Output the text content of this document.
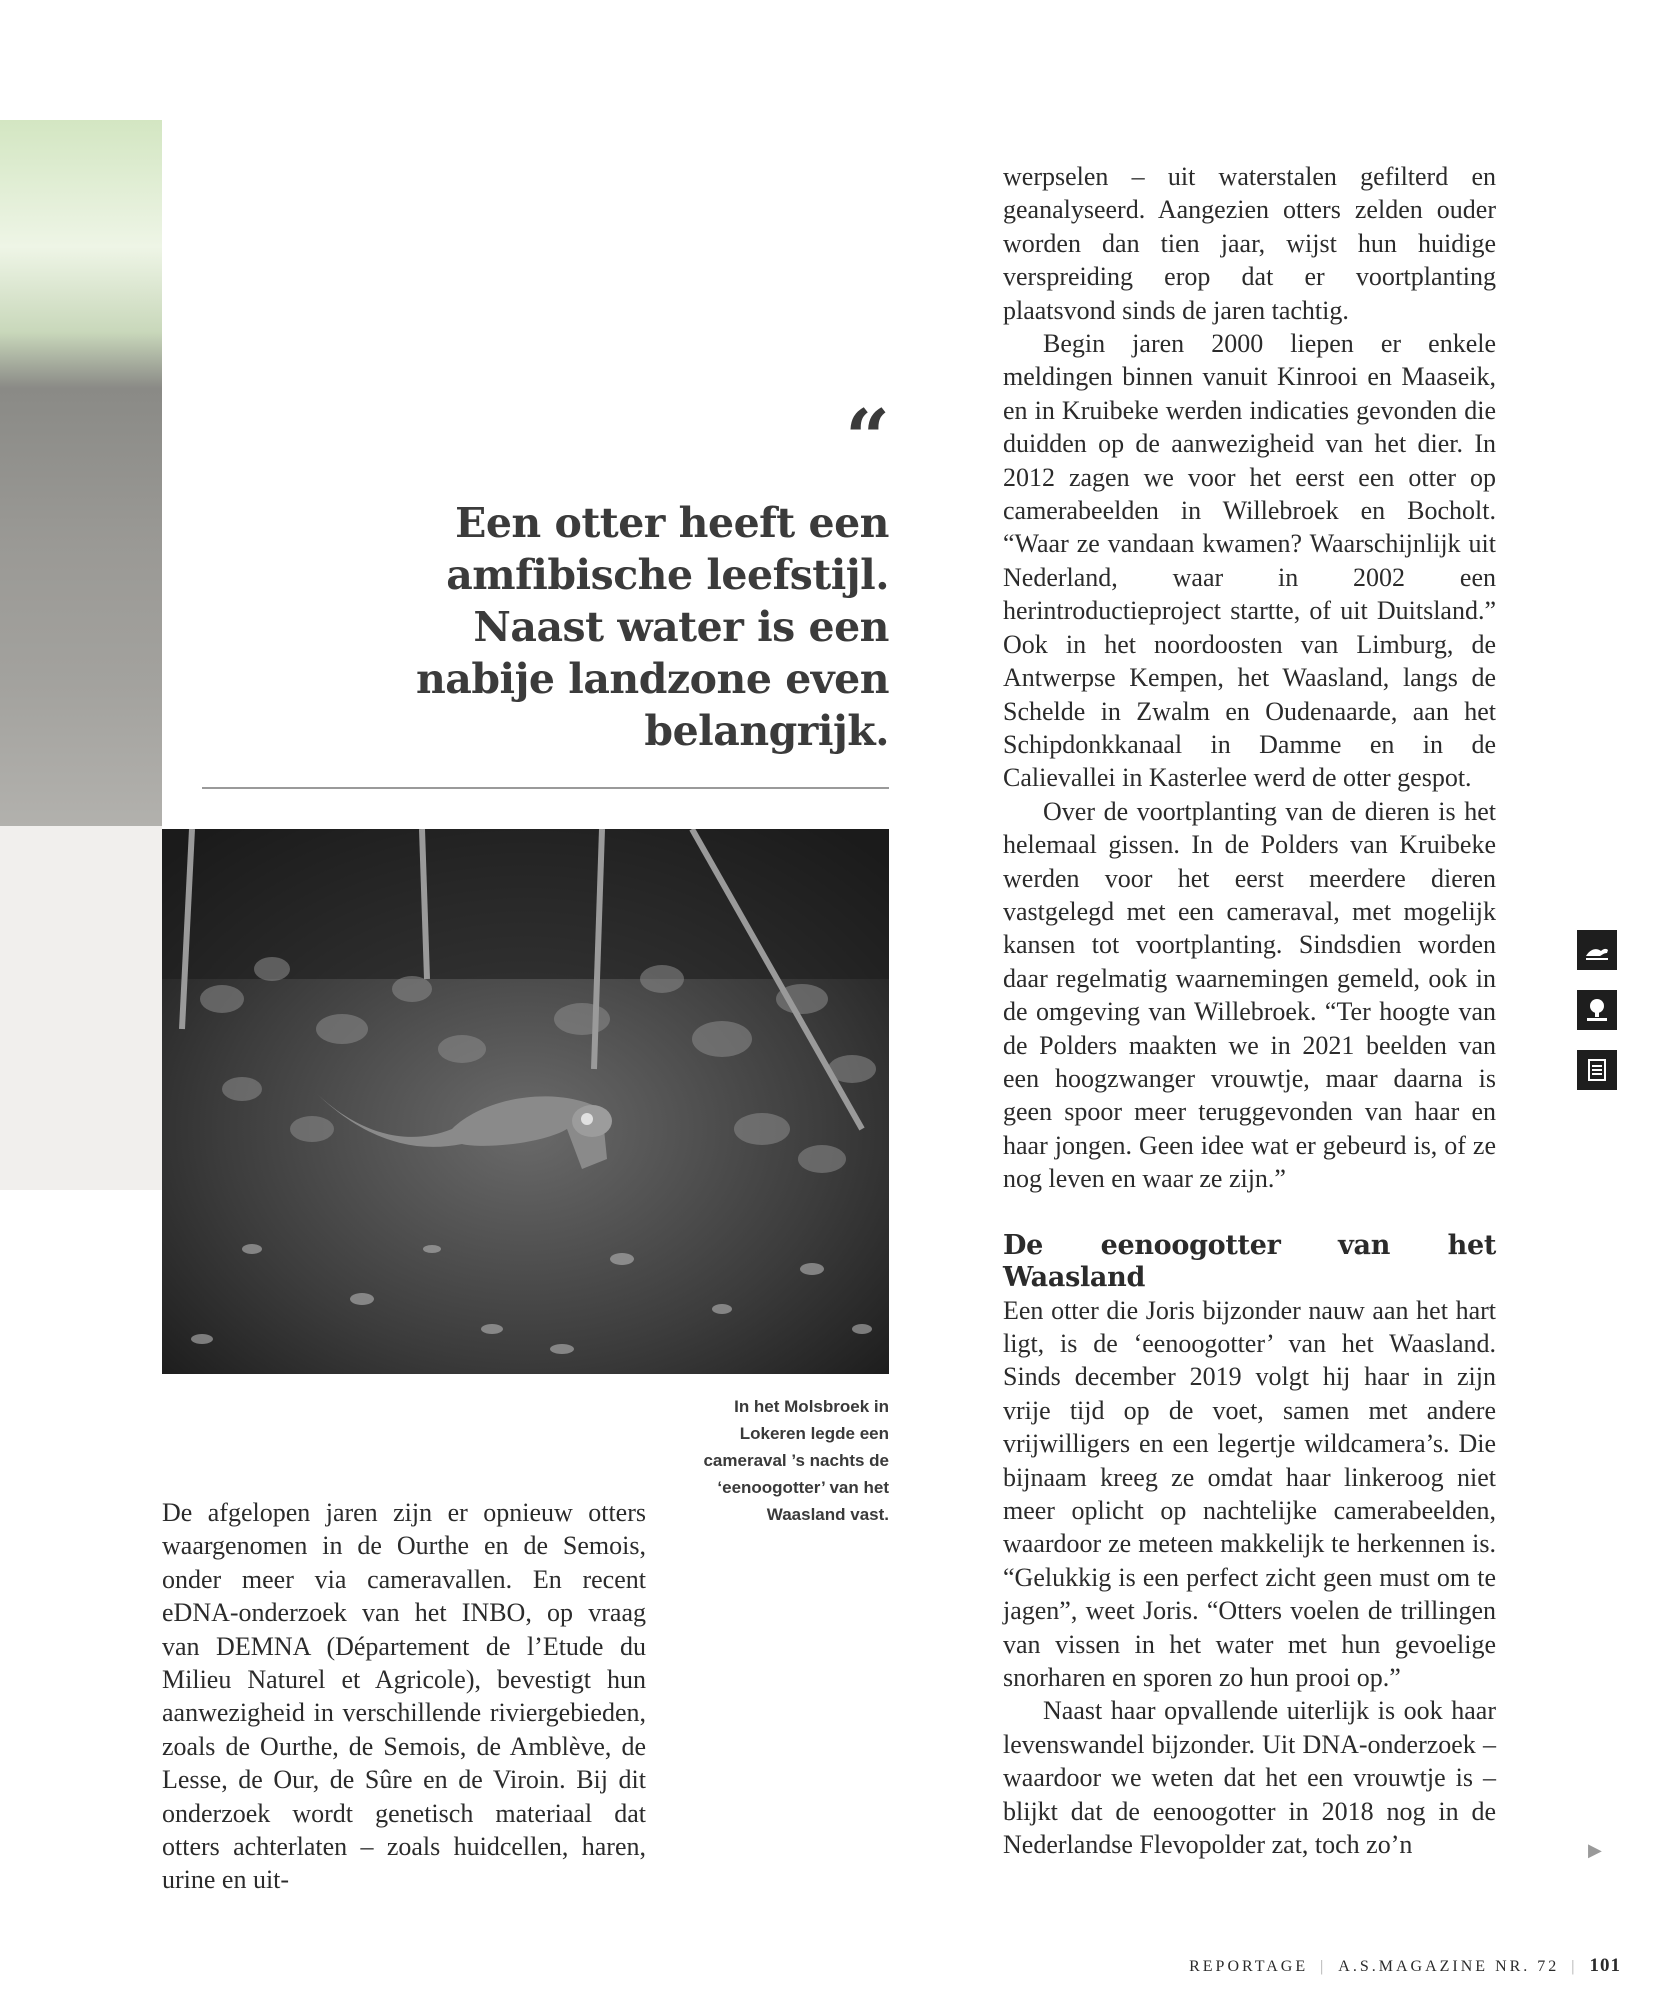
“
Een otter heeft een amfibische leefstijl. Naast water is een nabije landzone even belangrijk.
In het Molsbroek in Lokeren legde een cameraval ’s nachts de ‘eenoogotter’ van het Waasland vast.

De afgelopen jaren zijn er opnieuw otters waargenomen in de Ourthe en de Semois, onder meer via cameravallen. En recent eDNA-onderzoek van het INBO, op vraag van DEMNA (Département de l’Etude du Milieu Naturel et Agricole), bevestigt hun aanwezigheid in verschillende riviergebieden, zoals de Ourthe, de Semois, de Amblève, de Lesse, de Our, de Sûre en de Viroin. Bij dit onderzoek wordt genetisch materiaal dat otters achterlaten – zoals huidcellen, haren, urine en uit-

werpselen – uit waterstalen gefilterd en geanalyseerd. Aangezien otters zelden ouder worden dan tien jaar, wijst hun huidige verspreiding erop dat er voortplanting plaatsvond sinds de jaren tachtig.

Begin jaren 2000 liepen er enkele meldingen binnen vanuit Kinrooi en Maaseik, en in Kruibeke werden indicaties gevonden die duidden op de aanwezigheid van het dier. In 2012 zagen we voor het eerst een otter op camerabeelden in Willebroek en Bocholt. “Waar ze vandaan kwamen? Waarschijnlijk uit Nederland, waar in 2002 een herintroductieproject startte, of uit Duitsland.” Ook in het noordoosten van Limburg, de Antwerpse Kempen, het Waasland, langs de Schelde in Zwalm en Oudenaarde, aan het Schipdonkkanaal in Damme en in de Calievallei in Kasterlee werd de otter gespot.

Over de voortplanting van de dieren is het helemaal gissen. In de Polders van Kruibeke werden voor het eerst meerdere dieren vastgelegd met een cameraval, met mogelijk kansen tot voortplanting. Sindsdien worden daar regelmatig waarnemingen gemeld, ook in de omgeving van Willebroek. “Ter hoogte van de Polders maakten we in 2021 beelden van een hoogzwanger vrouwtje, maar daarna is geen spoor meer teruggevonden van haar en haar jongen. Geen idee wat er gebeurd is, of ze nog leven en waar ze zijn.”

De eenoogotter van het Waasland

Een otter die Joris bijzonder nauw aan het hart ligt, is de ‘eenoogotter’ van het Waasland. Sinds december 2019 volgt hij haar in zijn vrije tijd op de voet, samen met andere vrijwilligers en een legertje wildcamera’s. Die bijnaam kreeg ze omdat haar linkeroog niet meer oplicht op nachtelijke camerabeelden, waardoor ze meteen makkelijk te herkennen is. “Gelukkig is een perfect zicht geen must om te jagen”, weet Joris. “Otters voelen de trillingen van vissen in het water met hun gevoelige snorharen en sporen zo hun prooi op.”

Naast haar opvallende uiterlijk is ook haar levenswandel bijzonder. Uit DNA-onderzoek – waardoor we weten dat het een vrouwtje is – blijkt dat de eenoogotter in 2018 nog in de Nederlandse Flevopolder zat, toch zo’n	▶
REPORTAGE | A.S.MAGAZINE NR. 72 | 101
